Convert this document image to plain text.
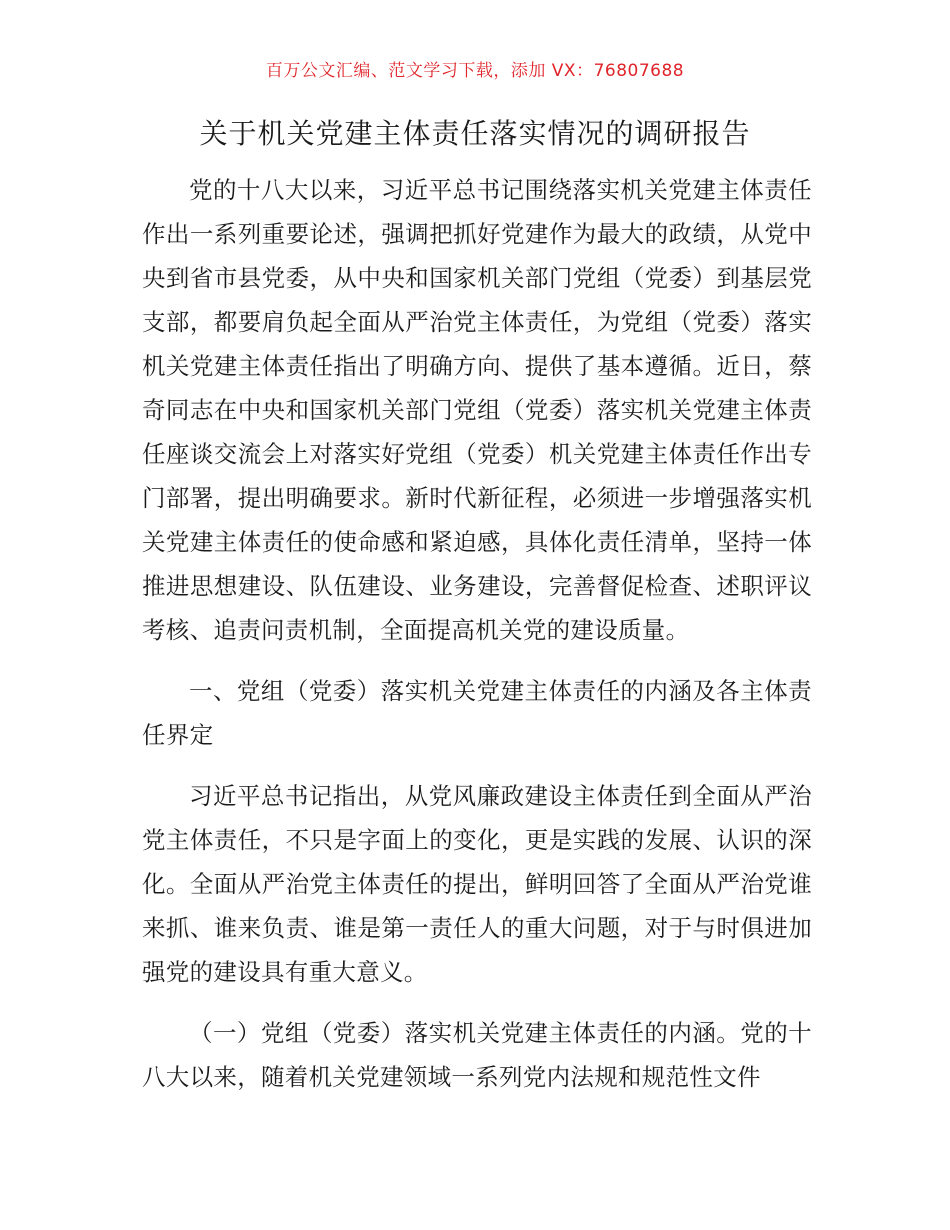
百万公文汇编、范文学习下载，添加 VX：76807688
关于机关党建主体责任落实情况的调研报告

党的十八大以来，习近平总书记围绕落实机关党建主体责任作出一系列重要论述，强调把抓好党建作为最大的政绩，从党中央到省市县党委，从中央和国家机关部门党组（党委）到基层党支部，都要肩负起全面从严治党主体责任，为党组（党委）落实机关党建主体责任指出了明确方向、提供了基本遵循。近日，蔡奇同志在中央和国家机关部门党组（党委）落实机关党建主体责任座谈交流会上对落实好党组（党委）机关党建主体责任作出专门部署，提出明确要求。新时代新征程，必须进一步增强落实机关党建主体责任的使命感和紧迫感，具体化责任清单，坚持一体推进思想建设、队伍建设、业务建设，完善督促检查、述职评议考核、追责问责机制，全面提高机关党的建设质量。

一、党组（党委）落实机关党建主体责任的内涵及各主体责任界定

习近平总书记指出，从党风廉政建设主体责任到全面从严治党主体责任，不只是字面上的变化，更是实践的发展、认识的深化。全面从严治党主体责任的提出，鲜明回答了全面从严治党谁来抓、谁来负责、谁是第一责任人的重大问题，对于与时俱进加强党的建设具有重大意义。

（一）党组（党委）落实机关党建主体责任的内涵。党的十八大以来，随着机关党建领域一系列党内法规和规范性文件
